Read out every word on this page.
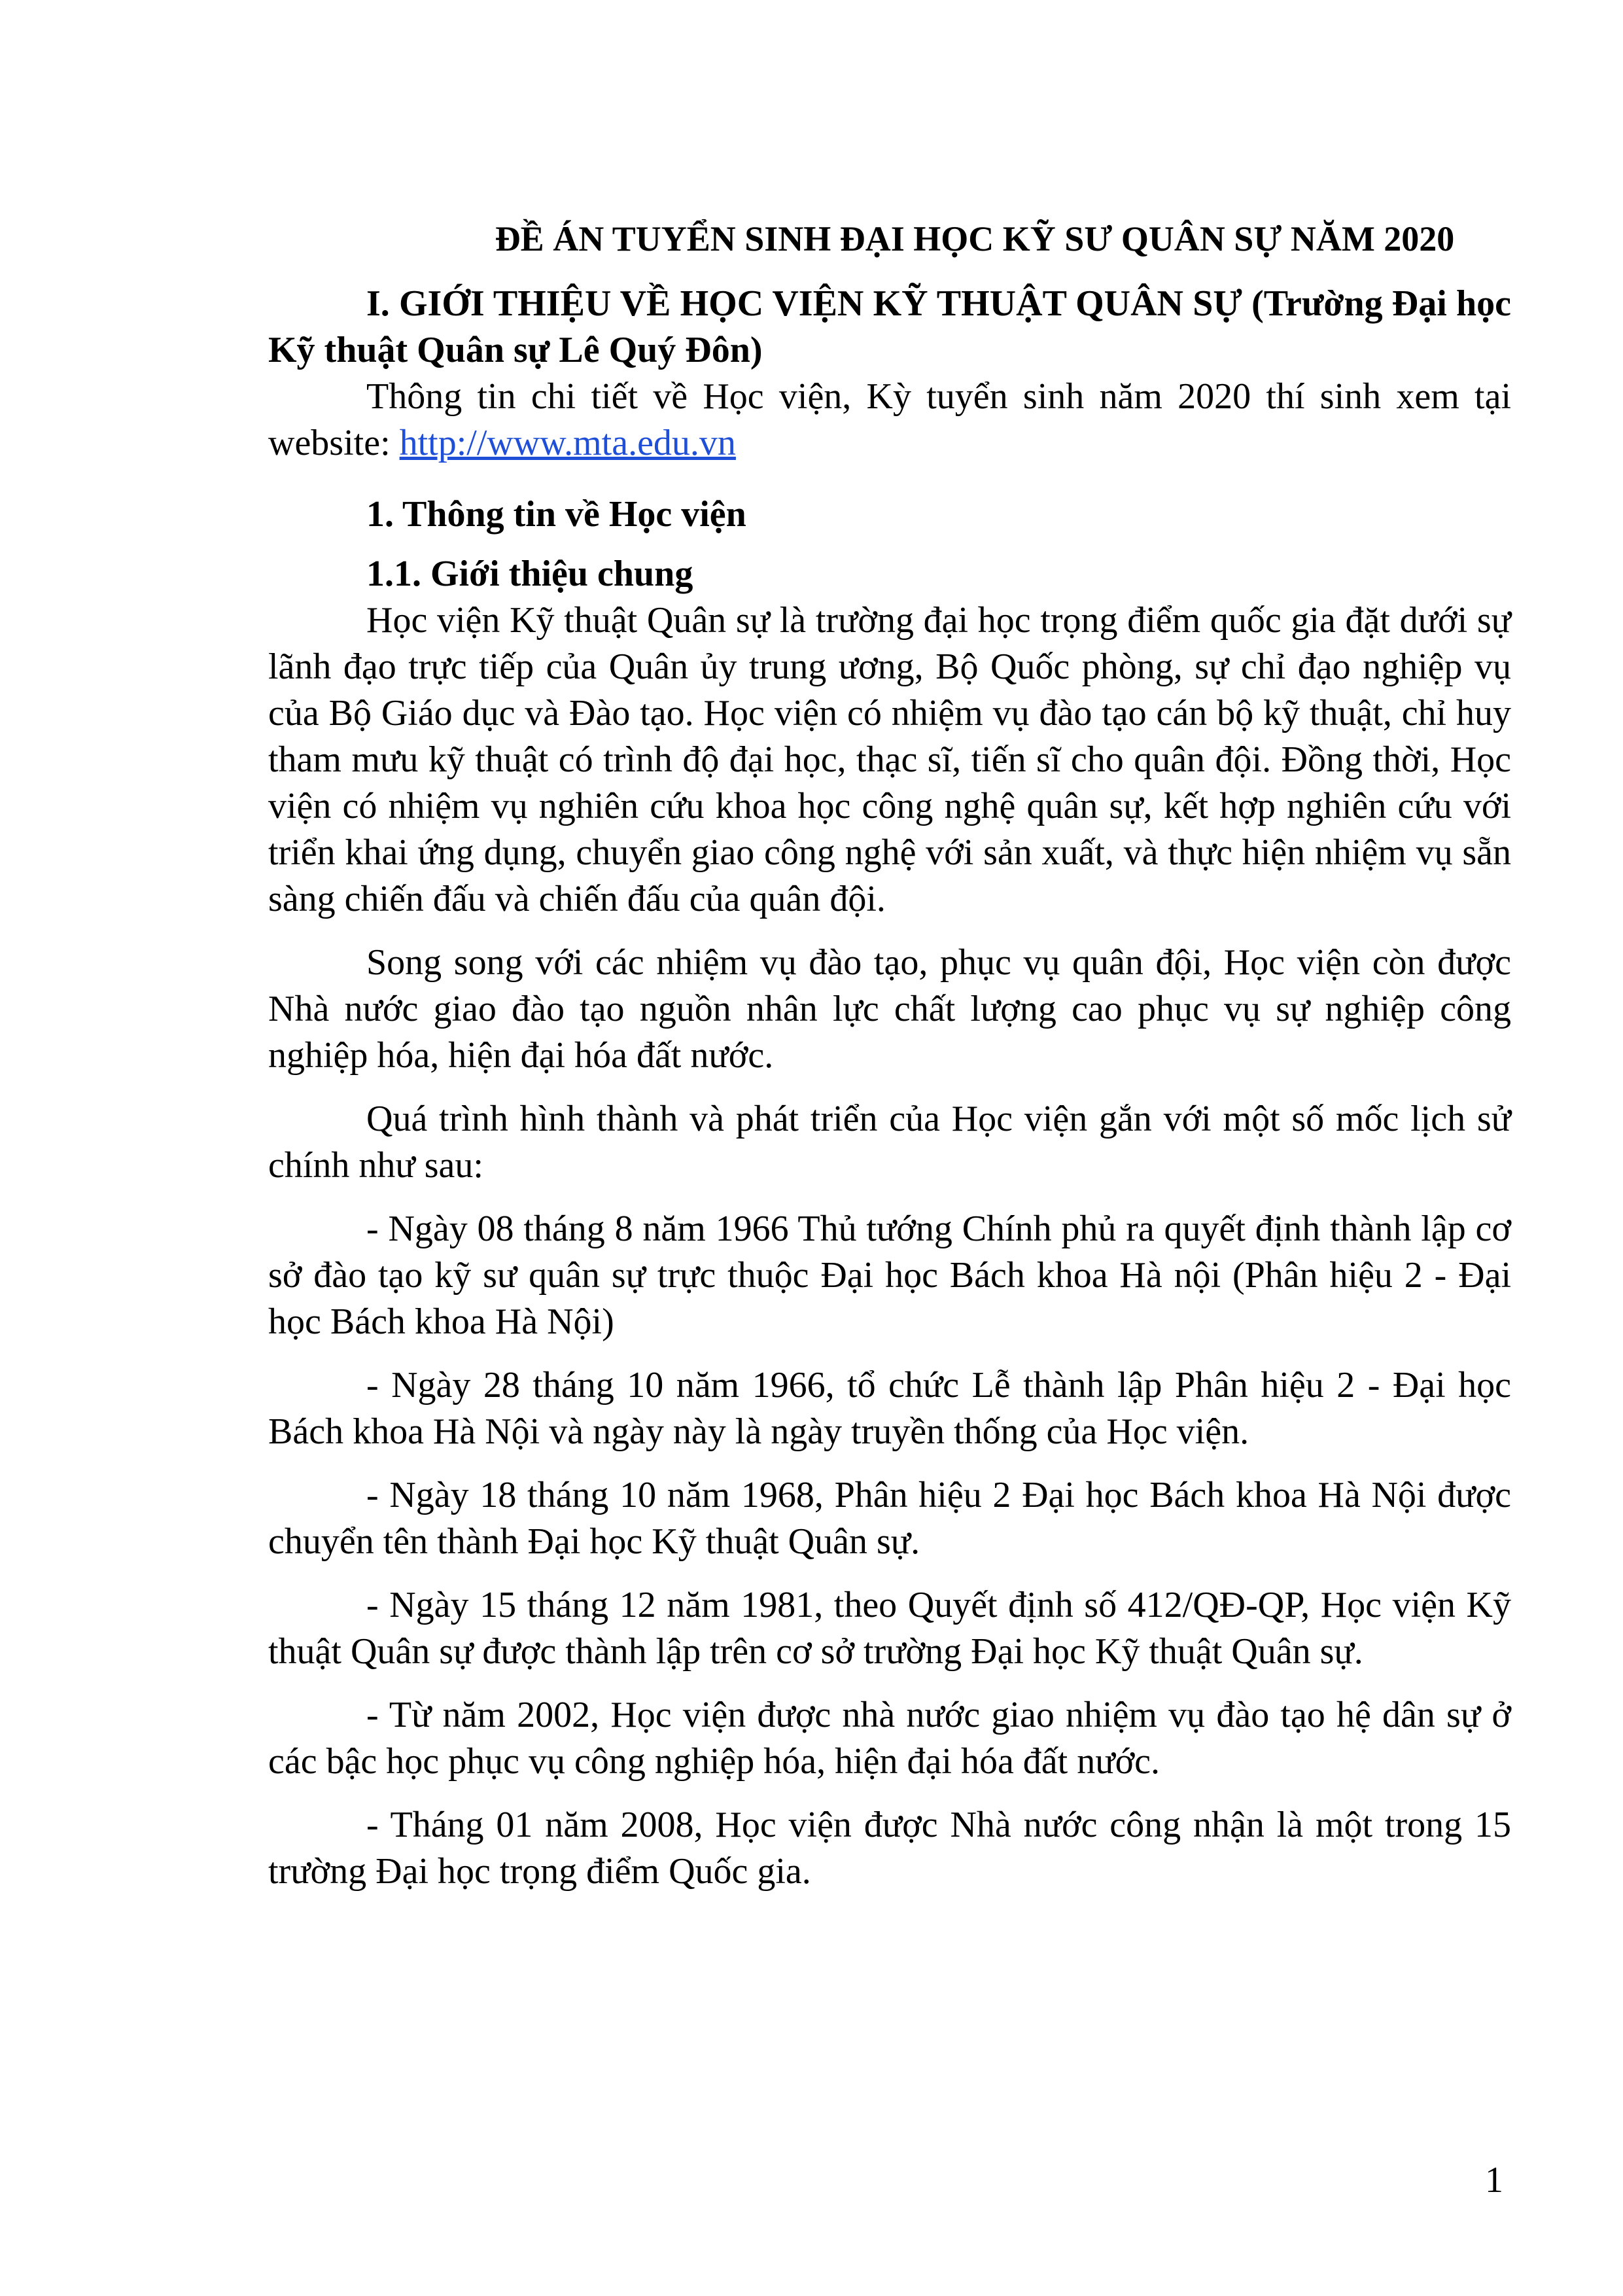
ĐỀ ÁN TUYỂN SINH ĐẠI HỌC KỸ SƯ QUÂN SỰ NĂM 2020

I. GIỚI THIỆU VỀ HỌC VIỆN KỸ THUẬT QUÂN SỰ (Trường Đại học Kỹ thuật Quân sự Lê Quý Đôn)

Thông tin chi tiết về Học viện, Kỳ tuyển sinh năm 2020 thí sinh xem tại website: http://www.mta.edu.vn

1. Thông tin về Học viện
1.1. Giới thiệu chung

Học viện Kỹ thuật Quân sự là trường đại học trọng điểm quốc gia đặt dưới sự lãnh đạo trực tiếp của Quân ủy trung ương, Bộ Quốc phòng, sự chỉ đạo nghiệp vụ của Bộ Giáo dục và Đào tạo. Học viện có nhiệm vụ đào tạo cán bộ kỹ thuật, chỉ huy tham mưu kỹ thuật có trình độ đại học, thạc sĩ, tiến sĩ cho quân đội. Đồng thời, Học viện có nhiệm vụ nghiên cứu khoa học công nghệ quân sự, kết hợp nghiên cứu với triển khai ứng dụng, chuyển giao công nghệ với sản xuất, và thực hiện nhiệm vụ sẵn sàng chiến đấu và chiến đấu của quân đội.

Song song với các nhiệm vụ đào tạo, phục vụ quân đội, Học viện còn được Nhà nước giao đào tạo nguồn nhân lực chất lượng cao phục vụ sự nghiệp công nghiệp hóa, hiện đại hóa đất nước.

Quá trình hình thành và phát triển của Học viện gắn với một số mốc lịch sử chính như sau:

- Ngày 08 tháng 8 năm 1966 Thủ tướng Chính phủ ra quyết định thành lập cơ sở đào tạo kỹ sư quân sự trực thuộc Đại học Bách khoa Hà nội (Phân hiệu 2 - Đại học Bách khoa Hà Nội)

- Ngày 28 tháng 10 năm 1966, tổ chức Lễ thành lập Phân hiệu 2 - Đại học Bách khoa Hà Nội và ngày này là ngày truyền thống của Học viện.

- Ngày 18 tháng 10 năm 1968, Phân hiệu 2 Đại học Bách khoa Hà Nội được chuyển tên thành Đại học Kỹ thuật Quân sự.

- Ngày 15 tháng 12 năm 1981, theo Quyết định số 412/QĐ-QP, Học viện Kỹ thuật Quân sự được thành lập trên cơ sở trường Đại học Kỹ thuật Quân sự.

- Từ năm 2002, Học viện được nhà nước giao nhiệm vụ đào tạo hệ dân sự ở các bậc học phục vụ công nghiệp hóa, hiện đại hóa đất nước.

- Tháng 01 năm 2008, Học viện được Nhà nước công nhận là một trong 15 trường Đại học trọng điểm Quốc gia.

1
